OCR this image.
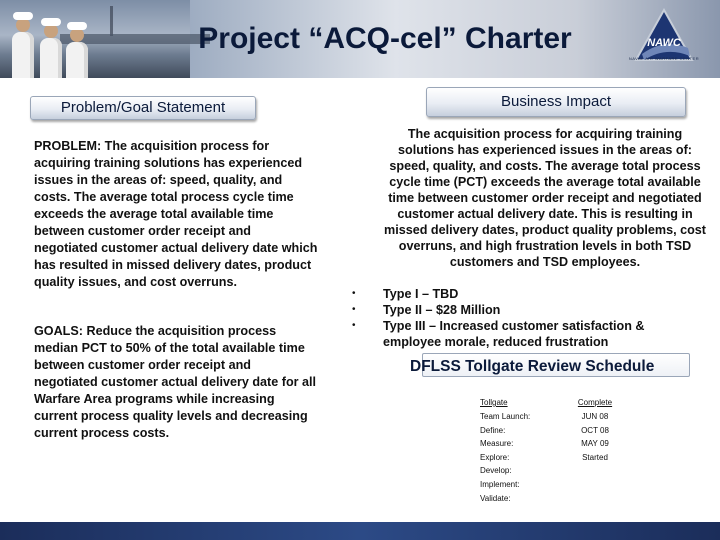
Project “ACQ-cel” Charter	NAWC
NAVAL AIR WARFARE CENTER
Problem/Goal Statement	Business Impact
PROBLEM: The acquisition process for acquiring training solutions has experienced issues in the areas of: speed, quality, and costs. The average total process cycle time exceeds the average total available time between customer order receipt and negotiated customer actual delivery date which has resulted in missed delivery dates, product quality issues, and cost overruns.
GOALS: Reduce the acquisition process median PCT to 50% of the total available time between customer order receipt and negotiated customer actual delivery date for all Warfare Area programs while increasing current process quality levels and decreasing current process costs.
The acquisition process for acquiring training solutions has experienced issues in the areas of: speed, quality, and costs. The average total process cycle time (PCT) exceeds the average total available time between customer order receipt and negotiated customer actual delivery date. This is resulting in missed delivery dates, product quality problems, cost overruns, and high frustration levels in both TSD customers and TSD employees.
• Type I – TBD
• Type II – $28 Million
• Type III – Increased customer satisfaction & employee morale, reduced frustration
DFLSS Tollgate Review Schedule
Tollgate	Complete
Team Launch:	JUN 08
Define:	OCT 08
Measure:	MAY 09
Explore:	Started
Develop:
Implement:
Validate:
